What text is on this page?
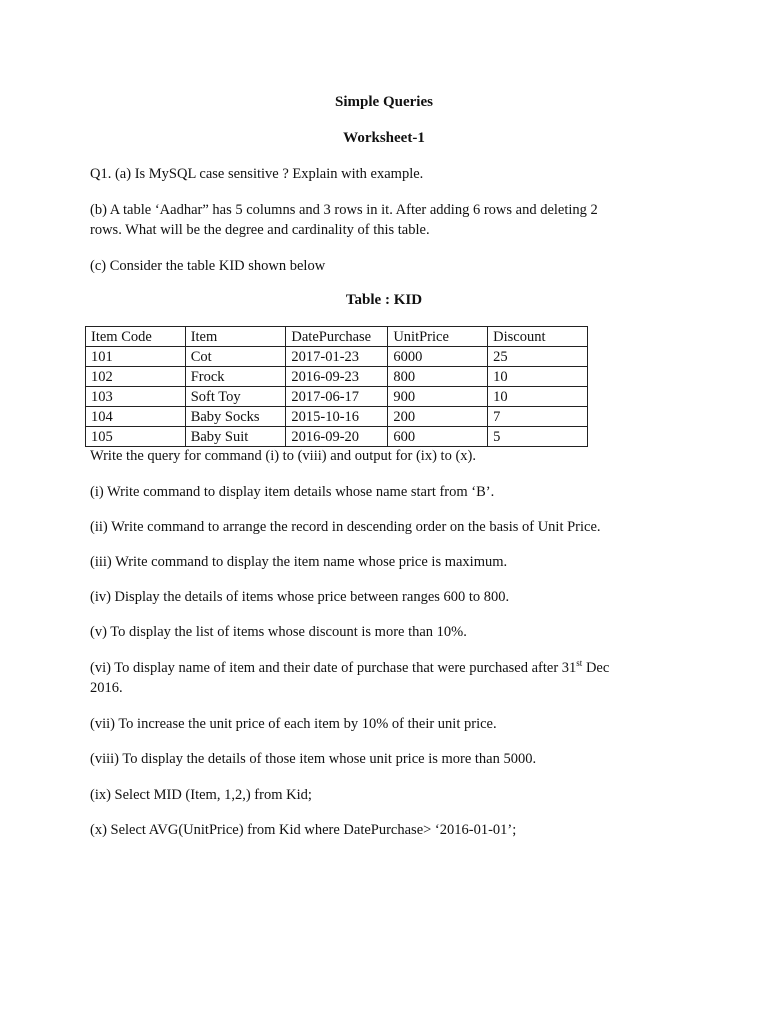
Simple Queries
Worksheet-1
Q1. (a) Is MySQL case sensitive ? Explain with example.
(b) A table ‘Aadhar” has 5 columns and 3 rows in it. After adding 6 rows and deleting 2
rows. What will be the degree and cardinality of this table.
(c) Consider the table KID shown below
Table : KID
Item Code	Item	DatePurchase	UnitPrice	Discount
101	Cot	2017-01-23	6000	25
102	Frock	2016-09-23	800	10
103	Soft Toy	2017-06-17	900	10
104	Baby Socks	2015-10-16	200	7
105	Baby Suit	2016-09-20	600	5
Write the query for command (i) to (viii) and output for (ix) to (x).
(i) Write command to display item details whose name start from ‘B’.
(ii) Write command to arrange the record in descending order on the basis of Unit Price.
(iii) Write command to display the item name whose price is maximum.
(iv) Display the details of items whose price between ranges 600 to 800.
(v) To display the list of items whose discount is more than 10%.
(vi) To display name of item and their date of purchase that were purchased after 31st Dec
2016.
(vii) To increase the unit price of each item by 10% of their unit price.
(viii) To display the details of those item whose unit price is more than 5000.
(ix) Select MID (Item, 1,2,) from Kid;
(x) Select AVG(UnitPrice) from Kid where DatePurchase> ‘2016-01-01’;
